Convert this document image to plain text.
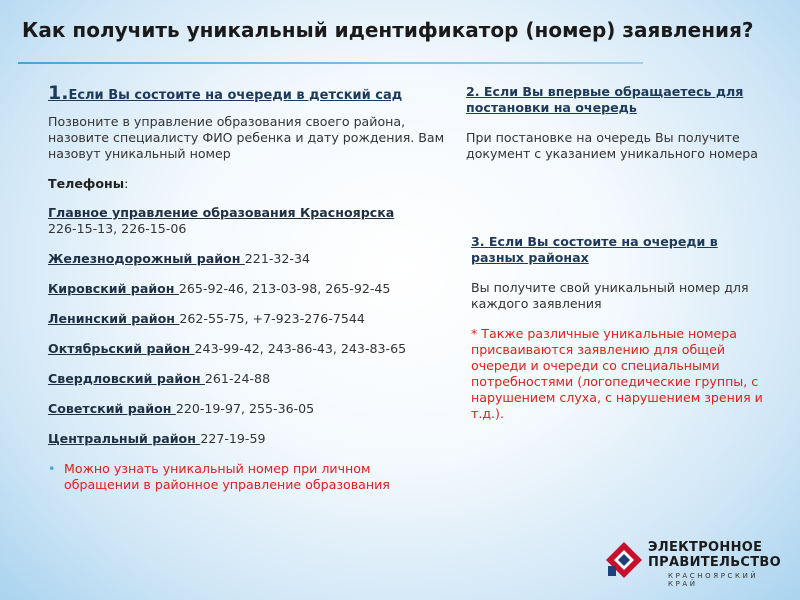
Как получить уникальный идентификатор (номер) заявления?
1.Если Вы состоите на очереди в детский сад
Позвоните в управление образования своего района, назовите специалисту ФИО ребенка и дату рождения. Вам назовут уникальный номер
Телефоны:
Главное управление образования Красноярска
226-15-13, 226-15-06
Железнодорожный район 221-32-34
Кировский район 265-92-46, 213-03-98, 265-92-45
Ленинский район 262-55-75, +7-923-276-7544
Октябрьский район 243-99-42, 243-86-43, 243-83-65
Свердловский район 261-24-88
Советский район 220-19-97, 255-36-05
Центральный район 227-19-59
• Можно узнать уникальный номер при личном обращении в районное управление образования
2. Если Вы впервые обращаетесь для постановки на очередь
При постановке на очередь Вы получите документ с указанием уникального номера
3. Если Вы состоите на очереди в разных районах
Вы получите свой уникальный номер для каждого заявления
* Также различные уникальные номера присваиваются заявлению для общей очереди и очереди со специальными потребностями (логопедические группы, с нарушением слуха, с нарушением зрения и т.д.).
ЭЛЕКТРОННОЕ
ПРАВИТЕЛЬСТВО
КРАСНОЯРСКИЙ КРАЙ
